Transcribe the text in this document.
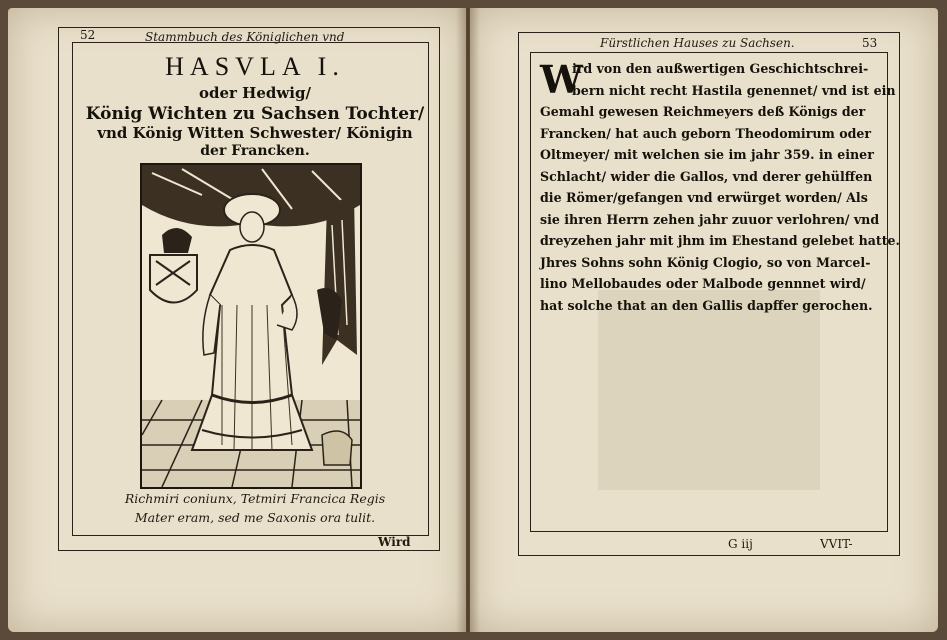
52	Stammbuch des Königlichen vnd
HASVLA I.
oder Hedwig/
König Wichten zu Sachsen Tochter/
vnd König Witten Schwester/ Königin
der Francken.
Richmiri coniunx, Tetmiri Francica Regis
Mater eram, sed me Saxonis ora tulit.
Wird
Fürstlichen Hauses zu Sachsen.	53
W
ird von den außwertigen Geschichtschrei-
bern nicht recht Hastila genennet/ vnd ist ein
Gemahl gewesen Reichmeyers deß Königs der
Francken/ hat auch geborn Theodomirum oder
Oltmeyer/ mit welchen sie im jahr 359. in einer
Schlacht/ wider die Gallos, vnd derer gehülffen
die Römer/gefangen vnd erwürget worden/ Als
sie ihren Herrn zehen jahr zuuor verlohren/ vnd
dreyzehen jahr mit jhm im Ehestand gelebet hatte.
Jhres Sohns sohn König Clogio, so von Marcel-
lino Mellobaudes oder Malbode gennnet wird/
hat solche that an den Gallis dapffer gerochen.
G iij	VVIT-
